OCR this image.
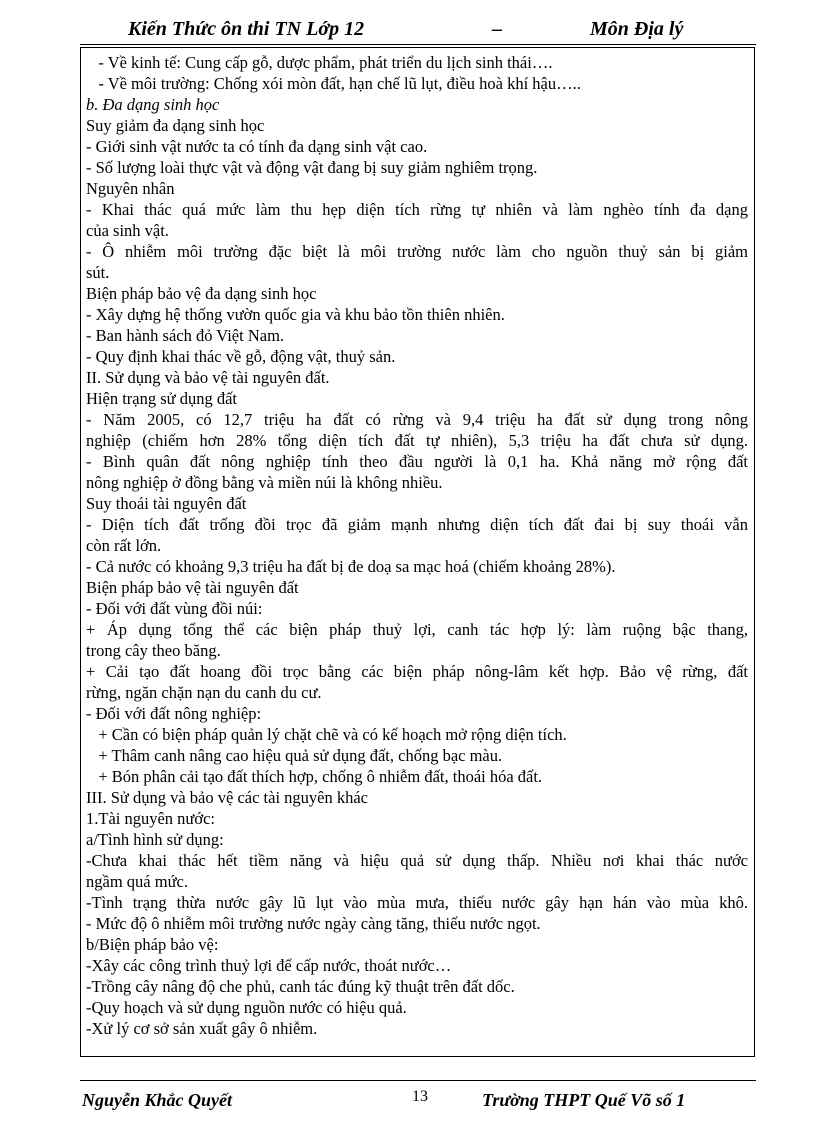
Kiến Thức ôn thi TN Lớp 12	–	Môn Địa lý
- Về kinh tế: Cung cấp gỗ, dược phẩm, phát triển du lịch sinh thái….
- Về môi trường: Chống xói mòn đất, hạn chế lũ lụt, điều hoà khí hậu…..
b. Đa dạng sinh học
Suy giảm đa dạng sinh học
- Giới sinh vật nước ta có tính đa dạng sinh vật cao.
- Số lượng loài thực vật và động vật đang bị suy giảm nghiêm trọng.
Nguyên nhân
- Khai thác quá mức làm thu hẹp diện tích rừng tự nhiên và làm nghèo tính đa dạng
của sinh vật.
- Ô nhiễm môi trường đặc biệt là môi trường nước làm cho nguồn thuỷ sản bị giảm
sút.
Biện pháp bảo vệ đa dạng sinh học
- Xây dựng hệ thống vườn quốc gia và khu bảo tồn thiên nhiên.
- Ban hành sách đỏ Việt Nam.
- Quy định khai thác về gỗ, động vật, thuỷ sản.
II. Sử dụng và bảo vệ tài nguyên đất.
Hiện trạng sử dụng đất
- Năm 2005, có 12,7 triệu ha đất có rừng và 9,4 triệu ha đất sử dụng trong nông
nghiệp (chiếm hơn 28% tổng diện tích đất tự nhiên), 5,3 triệu ha đất chưa sử dụng.
- Bình quân đất nông nghiệp tính theo đầu người là 0,1 ha. Khả năng mở rộng đất
nông nghiệp ở đồng bằng và miền núi là không nhiều.
Suy thoái tài nguyên đất
- Diện tích đất trống đồi trọc đã giảm mạnh nhưng diện tích đất đai bị suy thoái vẫn
còn rất lớn.
- Cả nước có khoảng 9,3 triệu ha đất bị đe doạ sa mạc hoá (chiếm khoảng 28%).
Biện pháp bảo vệ tài nguyên đất
- Đối với đất vùng đồi núi:
+ Áp dụng tổng thể các biện pháp thuỷ lợi, canh tác hợp lý: làm ruộng bậc thang,
trong cây theo băng.
+ Cải tạo đất hoang đồi trọc bằng các biện pháp nông-lâm kết hợp. Bảo vệ rừng, đất
rừng, ngăn chặn nạn du canh du cư.
- Đối với đất nông nghiệp:
+ Cần có biện pháp quản lý chặt chẽ và có kế hoạch mở rộng diện tích.
+ Thâm canh nâng cao hiệu quả sử dụng đất, chống bạc màu.
+ Bón phân cải tạo đất thích hợp, chống ô nhiễm đất, thoái hóa đất.
III. Sử dụng và bảo vệ các tài nguyên khác
1.Tài nguyên nước:
a/Tình hình sử dụng:
-Chưa khai thác hết tiềm năng và hiệu quả sử dụng thấp. Nhiều nơi khai thác nước
ngầm quá mức.
-Tình trạng thừa nước gây lũ lụt vào mùa mưa, thiếu nước gây hạn hán vào mùa khô.
- Mức độ ô nhiễm môi trường nước ngày càng tăng, thiếu nước ngọt.
b/Biện pháp bảo vệ:
-Xây các công trình thuỷ lợi để cấp nước, thoát nước…
-Trồng cây nâng độ che phủ, canh tác đúng kỹ thuật trên đất dốc.
-Quy hoạch và sử dụng nguồn nước có hiệu quả.
-Xử lý cơ sở sản xuất gây ô nhiễm.
Nguyễn Khắc Quyết	13	Trường THPT Quế Võ số 1
